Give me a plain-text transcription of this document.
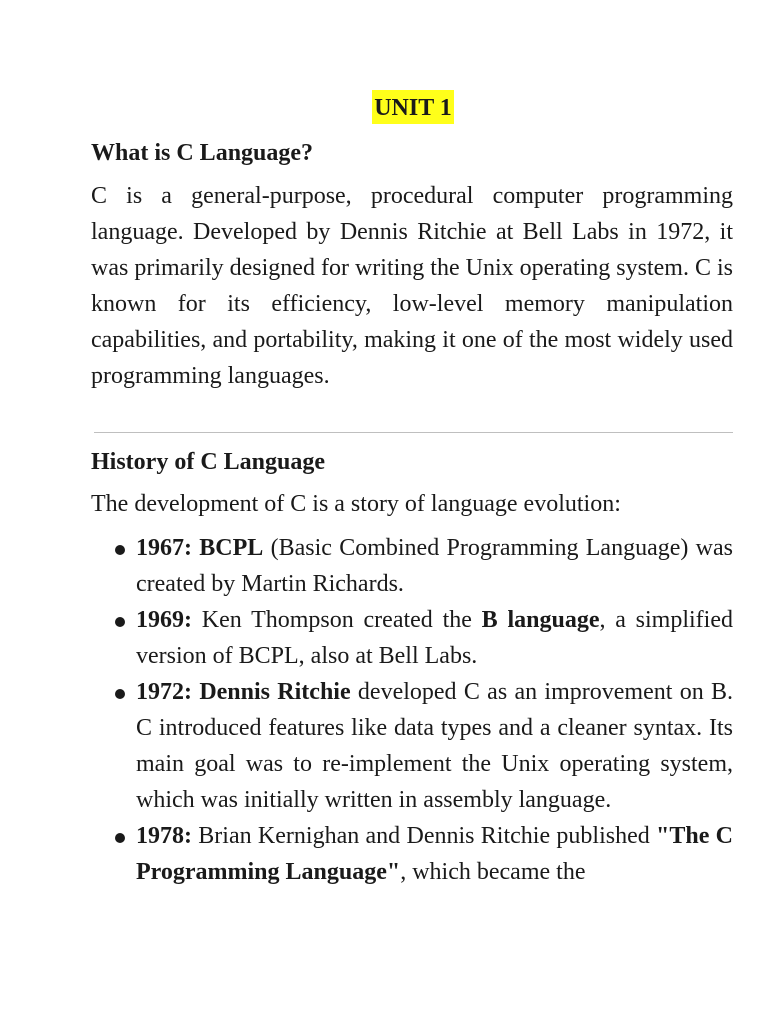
UNIT 1
What is C Language?

C is a general-purpose, procedural computer programming language. Developed by Dennis Ritchie at Bell Labs in 1972, it was primarily designed for writing the Unix operating system. C is known for its efficiency, low-level memory manipulation capabilities, and portability, making it one of the most widely used programming languages.

History of C Language

The development of C is a story of language evolution:

1967: BCPL (Basic Combined Programming Language) was created by Martin Richards.
1969: Ken Thompson created the B language, a simplified version of BCPL, also at Bell Labs.
1972: Dennis Ritchie developed C as an improvement on B. C introduced features like data types and a cleaner syntax. Its main goal was to re-implement the Unix operating system, which was initially written in assembly language.
1978: Brian Kernighan and Dennis Ritchie published "The C Programming Language", which became the
